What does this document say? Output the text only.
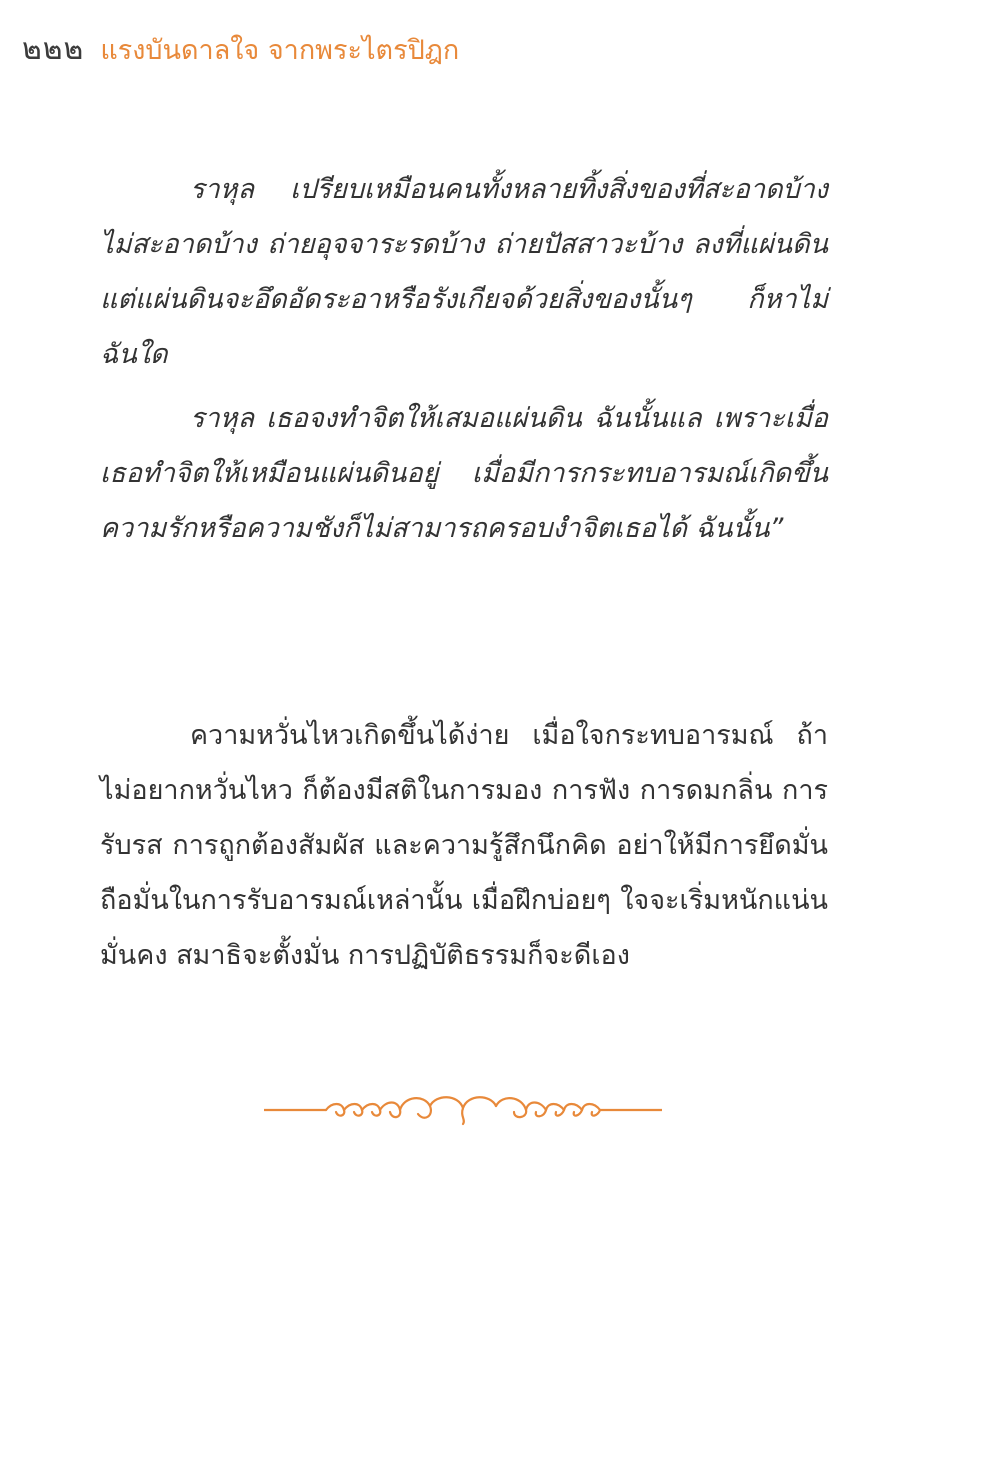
๒๒๒ แรงบันดาลใจ จากพระไตรปิฎก

ราหุล เปรียบเหมือนคนทั้งหลายทิ้งสิ่งของที่สะอาดบ้าง ไม่สะอาดบ้าง ถ่ายอุจจาระรดบ้าง ถ่ายปัสสาวะบ้าง ลงที่แผ่นดิน แต่แผ่นดินจะอึดอัดระอาหรือรังเกียจด้วยสิ่งของนั้นๆ ก็หาไม่ ฉันใด

ราหุล เธอจงทำจิตให้เสมอแผ่นดิน ฉันนั้นแล เพราะเมื่อเธอทำจิตให้เหมือนแผ่นดินอยู่ เมื่อมีการกระทบอารมณ์เกิดขึ้น ความรักหรือความชังก็ไม่สามารถครอบงำจิตเธอได้ ฉันนั้น”

ความหวั่นไหวเกิดขึ้นได้ง่าย เมื่อใจกระทบอารมณ์ ถ้าไม่อยากหวั่นไหว ก็ต้องมีสติในการมอง การฟัง การดมกลิ่น การรับรส การถูกต้องสัมผัส และความรู้สึกนึกคิด อย่าให้มีการยึดมั่นถือมั่นในการรับอารมณ์เหล่านั้น เมื่อฝึกบ่อยๆ ใจจะเริ่มหนักแน่นมั่นคง สมาธิจะตั้งมั่น การปฏิบัติธรรมก็จะดีเอง
